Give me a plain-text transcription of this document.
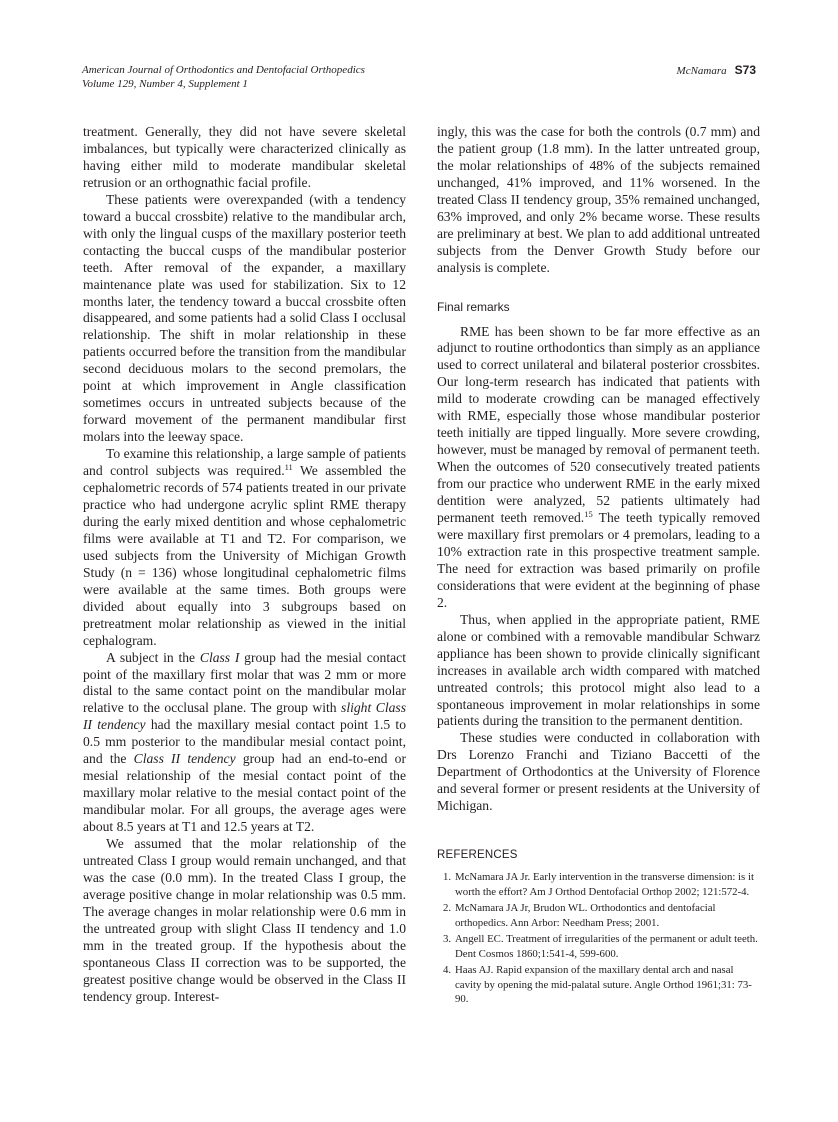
American Journal of Orthodontics and Dentofacial Orthopedics
Volume 129, Number 4, Supplement 1
McNamara S73

treatment. Generally, they did not have severe skeletal imbalances, but typically were characterized clinically as having either mild to moderate mandibular skeletal retrusion or an orthognathic facial profile.

These patients were overexpanded (with a tendency toward a buccal crossbite) relative to the mandibular arch, with only the lingual cusps of the maxillary posterior teeth contacting the buccal cusps of the mandibular posterior teeth. After removal of the expander, a maxillary maintenance plate was used for stabilization. Six to 12 months later, the tendency toward a buccal crossbite often disappeared, and some patients had a solid Class I occlusal relationship. The shift in molar relationship in these patients occurred before the transition from the mandibular second deciduous molars to the second premolars, the point at which improvement in Angle classification sometimes occurs in untreated subjects because of the forward movement of the permanent mandibular first molars into the leeway space.

To examine this relationship, a large sample of patients and control subjects was required.$^{11}$ We assembled the cephalometric records of 574 patients treated in our private practice who had undergone acrylic splint RME therapy during the early mixed dentition and whose cephalometric films were available at T1 and T2. For comparison, we used subjects from the University of Michigan Growth Study (n = 136) whose longitudinal cephalometric films were available at the same times. Both groups were divided about equally into 3 subgroups based on pretreatment molar relationship as viewed in the initial cephalogram.

A subject in the Class I group had the mesial contact point of the maxillary first molar that was 2 mm or more distal to the same contact point on the mandibular molar relative to the occlusal plane. The group with slight Class II tendency had the maxillary mesial contact point 1.5 to 0.5 mm posterior to the mandibular mesial contact point, and the Class II tendency group had an end-to-end or mesial relationship of the mesial contact point of the maxillary molar relative to the mesial contact point of the mandibular molar. For all groups, the average ages were about 8.5 years at T1 and 12.5 years at T2.

We assumed that the molar relationship of the untreated Class I group would remain unchanged, and that was the case (0.0 mm). In the treated Class I group, the average positive change in molar relationship was 0.5 mm. The average changes in molar relationship were 0.6 mm in the untreated group with slight Class II tendency and 1.0 mm in the treated group. If the hypothesis about the spontaneous Class II correction was to be supported, the greatest positive change would be observed in the Class II tendency group. Interest-

ingly, this was the case for both the controls (0.7 mm) and the patient group (1.8 mm). In the latter untreated group, the molar relationships of 48% of the subjects remained unchanged, 41% improved, and 11% worsened. In the treated Class II tendency group, 35% remained unchanged, 63% improved, and only 2% became worse. These results are preliminary at best. We plan to add additional untreated subjects from the Denver Growth Study before our analysis is complete.

Final remarks

RME has been shown to be far more effective as an adjunct to routine orthodontics than simply as an appliance used to correct unilateral and bilateral posterior crossbites. Our long-term research has indicated that patients with mild to moderate crowding can be managed effectively with RME, especially those whose mandibular posterior teeth initially are tipped lingually. More severe crowding, however, must be managed by removal of permanent teeth. When the outcomes of 520 consecutively treated patients from our practice who underwent RME in the early mixed dentition were analyzed, 52 patients ultimately had permanent teeth removed.$^{15}$ The teeth typically removed were maxillary first premolars or 4 premolars, leading to a 10% extraction rate in this prospective treatment sample. The need for extraction was based primarily on profile considerations that were evident at the beginning of phase 2.

Thus, when applied in the appropriate patient, RME alone or combined with a removable mandibular Schwarz appliance has been shown to provide clinically significant increases in available arch width compared with matched untreated controls; this protocol might also lead to a spontaneous improvement in molar relationships in some patients during the transition to the permanent dentition.

These studies were conducted in collaboration with Drs Lorenzo Franchi and Tiziano Baccetti of the Department of Orthodontics at the University of Florence and several former or present residents at the University of Michigan.

REFERENCES
1. McNamara JA Jr. Early intervention in the transverse dimension: is it worth the effort? Am J Orthod Dentofacial Orthop 2002; 121:572-4.
2. McNamara JA Jr, Brudon WL. Orthodontics and dentofacial orthopedics. Ann Arbor: Needham Press; 2001.
3. Angell EC. Treatment of irregularities of the permanent or adult teeth. Dent Cosmos 1860;1:541-4, 599-600.
4. Haas AJ. Rapid expansion of the maxillary dental arch and nasal cavity by opening the mid-palatal suture. Angle Orthod 1961;31: 73-90.
